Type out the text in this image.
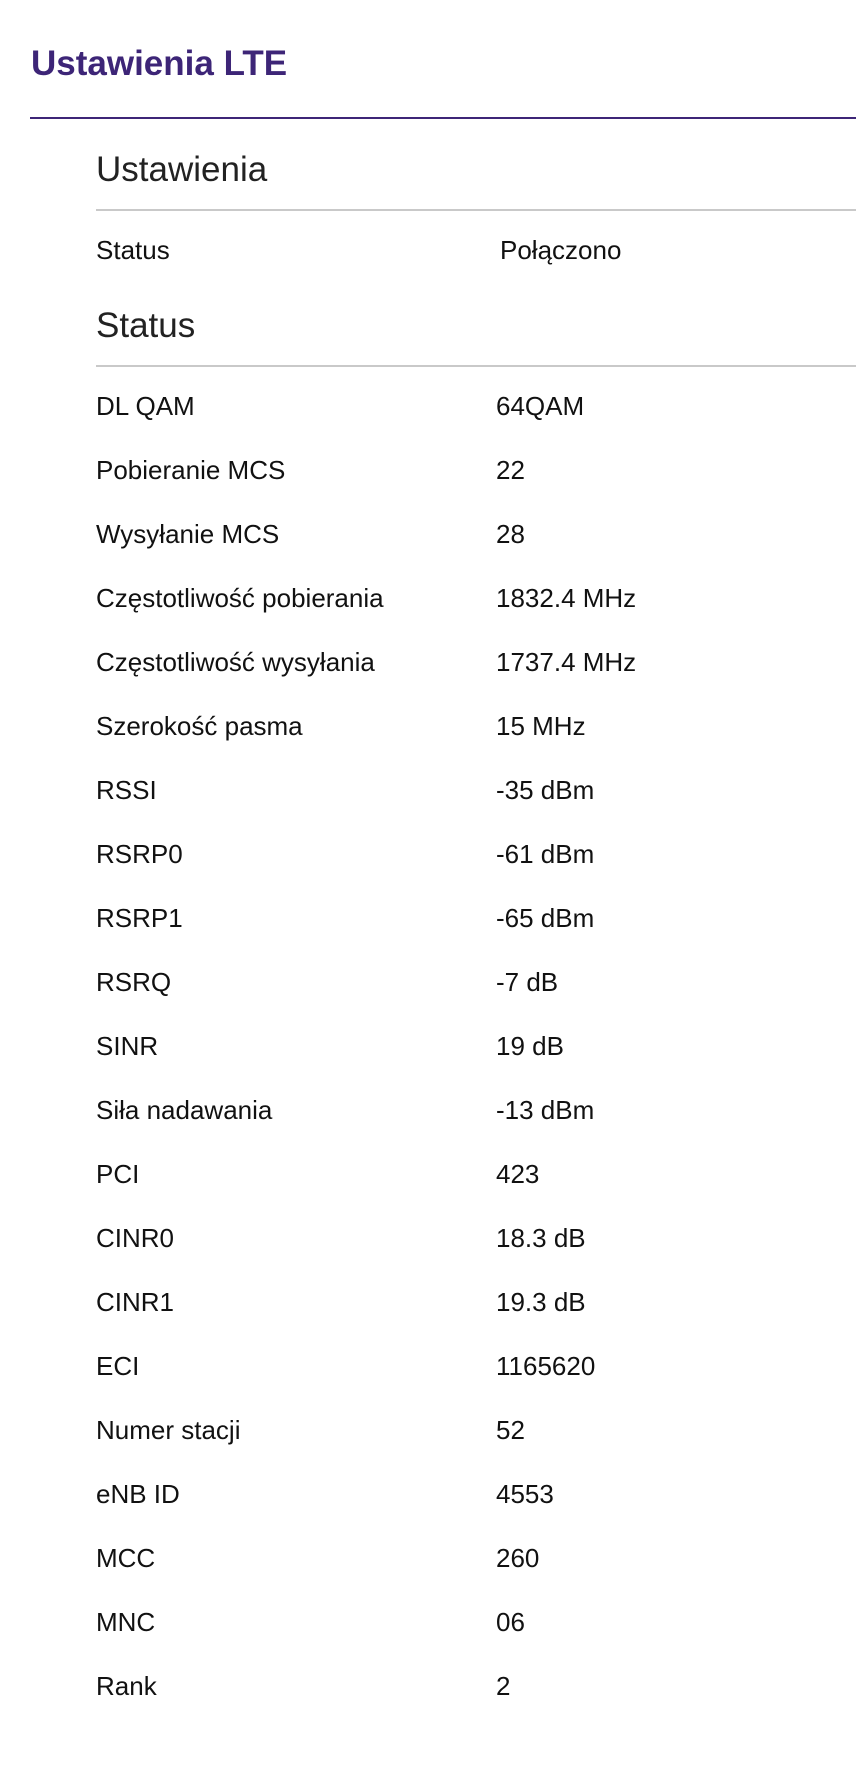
Ustawienia LTE
Ustawienia
Status	Połączono
Status
DL QAM	64QAM
Pobieranie MCS	22
Wysyłanie MCS	28
Częstotliwość pobierania	1832.4 MHz
Częstotliwość wysyłania	1737.4 MHz
Szerokość pasma	15 MHz
RSSI	-35 dBm
RSRP0	-61 dBm
RSRP1	-65 dBm
RSRQ	-7 dB
SINR	19 dB
Siła nadawania	-13 dBm
PCI	423
CINR0	18.3 dB
CINR1	19.3 dB
ECI	1165620
Numer stacji	52
eNB ID	4553
MCC	260
MNC	06
Rank	2
